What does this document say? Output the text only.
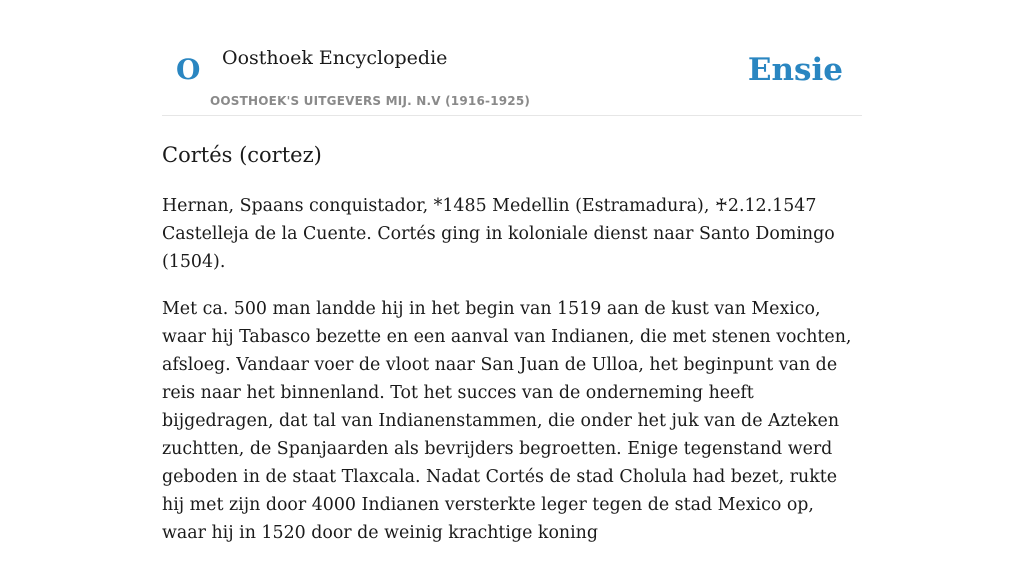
O Oosthoek Encyclopedie
OOSTHOEK'S UITGEVERS MIJ. N.V (1916-1925)
Ensie
Cortés (cortez)

Hernan, Spaans conquistador, *1485 Medellin (Estramadura), ♰2.12.1547 Castelleja de la Cuente. Cortés ging in koloniale dienst naar Santo Domingo (1504).

Met ca. 500 man landde hij in het begin van 1519 aan de kust van Mexico, waar hij Tabasco bezette en een aanval van Indianen, die met stenen vochten, afsloeg. Vandaar voer de vloot naar San Juan de Ulloa, het beginpunt van de reis naar het binnenland. Tot het succes van de onderneming heeft bijgedragen, dat tal van Indianenstammen, die onder het juk van de Azteken zuchtten, de Spanjaarden als bevrijders begroetten. Enige tegenstand werd geboden in de staat Tlaxcala. Nadat Cortés de stad Cholula had bezet, rukte hij met zijn door 4000 Indianen versterkte leger tegen de stad Mexico op, waar hij in 1520 door de weinig krachtige koning
